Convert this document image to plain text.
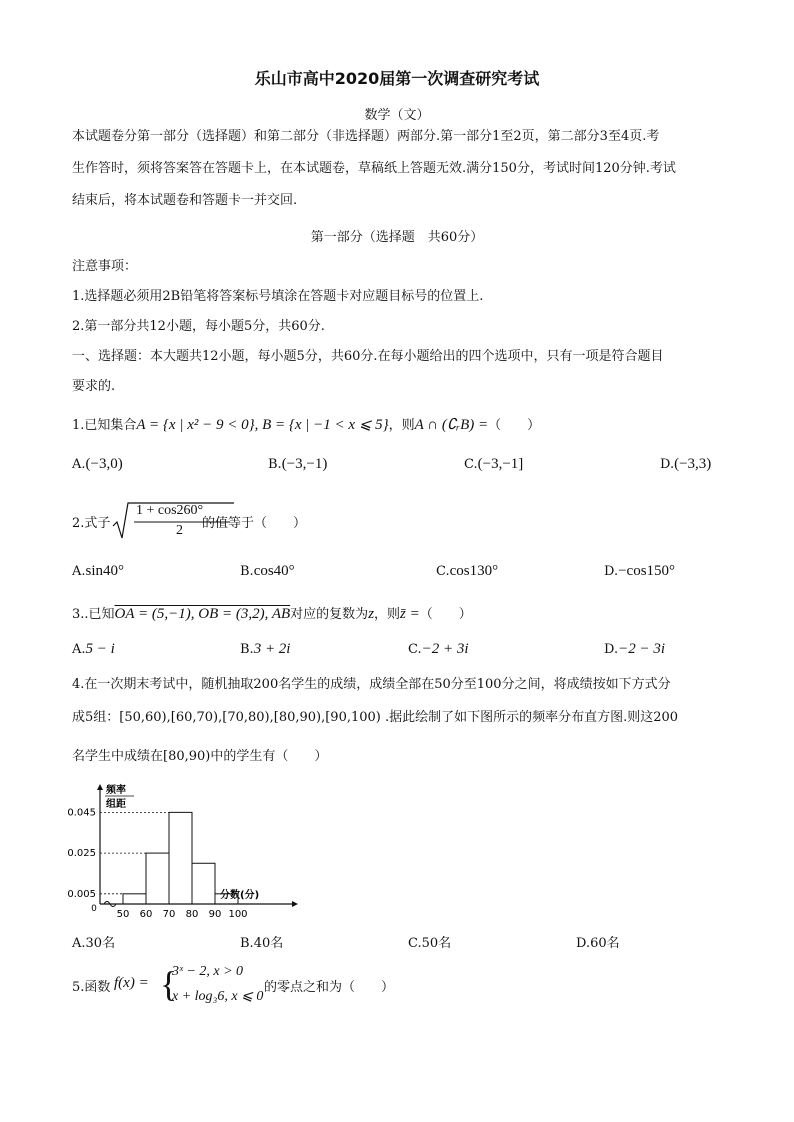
乐山市高中2020届第一次调查研究考试
数学（文）
本试题卷分第一部分（选择题）和第二部分（非选择题）两部分.第一部分1至2页，第二部分3至4页.考
生作答时，须将答案答在答题卡上，在本试题卷，草稿纸上答题无效.满分150分，考试时间120分钟.考试
结束后，将本试题卷和答题卡一并交回.
第一部分（选择题　共60分）
注意事项：
1.选择题必须用2B铅笔将答案标号填涂在答题卡对应题目标号的位置上.
2.第一部分共12小题，每小题5分，共60分.
一、选择题：本大题共12小题，每小题5分，共60分.在每小题给出的四个选项中，只有一项是符合题目
要求的.
1.已知集合A = {x | x² − 9 < 0}, B = {x | −1 < x ⩽ 5}，则A ∩ (∁ᵣB) =（　　）
A.(−3,0)	B.(−3,−1)	C.(−3,−1]	D.(−3,3)
2.式子
1 + cos260°
2 的值等于（　　）
A.sin40°	B.cos40°	C.cos130°	D.−cos150°
3..已知OA = (5,−1), OB = (3,2), AB对应的复数为z，则z̄ =（　　）
A.5 − i	B.3 + 2i	C.−2 + 3i	D.−2 − 3i
4.在一次期末考试中，随机抽取200名学生的成绩，成绩全部在50分至100分之间，将成绩按如下方式分
成5组：[50,60),[60,70),[70,80),[80,90),[90,100) .据此绘制了如下图所示的频率分布直方图.则这200
名学生中成绩在[80,90)中的学生有（　　）
0
频率
组距
分数(分)
0.045
0.025
0.005
50 60 70 80 90 100
A.30名	B.40名	C.50名	D.60名
5.函数 f(x) = {
3ˣ − 2, x > 0
x + log₃6, x ⩽ 0
的零点之和为（　　）
